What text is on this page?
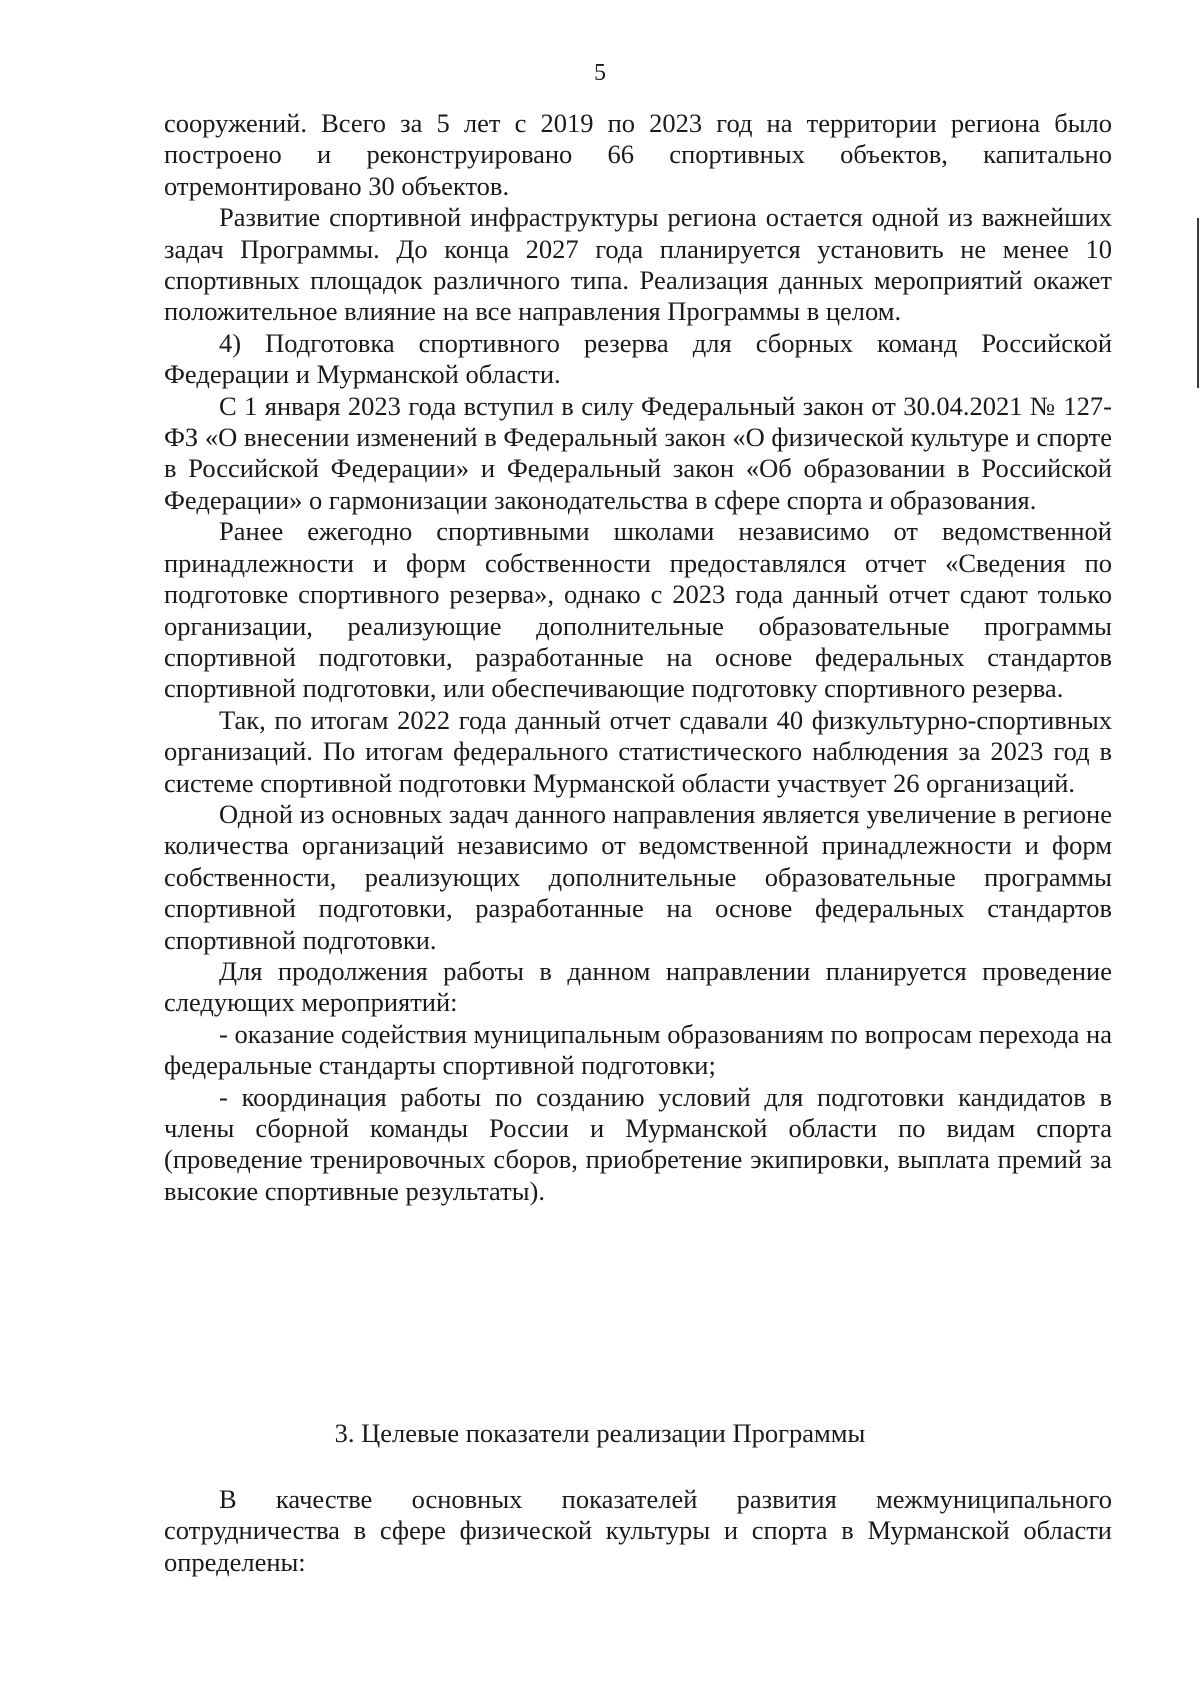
5

сооружений. Всего за 5 лет с 2019 по 2023 год на территории региона было построено и реконструировано 66 спортивных объектов, капитально отремонтировано 30 объектов.

Развитие спортивной инфраструктуры региона остается одной из важнейших задач Программы. До конца 2027 года планируется установить не менее 10 спортивных площадок различного типа. Реализация данных мероприятий окажет положительное влияние на все направления Программы в целом.

4) Подготовка спортивного резерва для сборных команд Российской Федерации и Мурманской области.

С 1 января 2023 года вступил в силу Федеральный закон от 30.04.2021 № 127-ФЗ «О внесении изменений в Федеральный закон «О физической культуре и спорте в Российской Федерации» и Федеральный закон «Об образовании в Российской Федерации» о гармонизации законодательства в сфере спорта и образования.

Ранее ежегодно спортивными школами независимо от ведомственной принадлежности и форм собственности предоставлялся отчет «Сведения по подготовке спортивного резерва», однако с 2023 года данный отчет сдают только организации, реализующие дополнительные образовательные программы спортивной подготовки, разработанные на основе федеральных стандартов спортивной подготовки, или обеспечивающие подготовку спортивного резерва.

Так, по итогам 2022 года данный отчет сдавали 40 физкультурно-спортивных организаций. По итогам федерального статистического наблюдения за 2023 год в системе спортивной подготовки Мурманской области участвует 26 организаций.

Одной из основных задач данного направления является увеличение в регионе количества организаций независимо от ведомственной принадлежности и форм собственности, реализующих дополнительные образовательные программы спортивной подготовки, разработанные на основе федеральных стандартов спортивной подготовки.

Для продолжения работы в данном направлении планируется проведение следующих мероприятий:

- оказание содействия муниципальным образованиям по вопросам перехода на федеральные стандарты спортивной подготовки;

- координация работы по созданию условий для подготовки кандидатов в члены сборной команды России и Мурманской области по видам спорта (проведение тренировочных сборов, приобретение экипировки, выплата премий за высокие спортивные результаты).

3. Целевые показатели реализации Программы

В качестве основных показателей развития межмуниципального сотрудничества в сфере физической культуры и спорта в Мурманской области определены:
